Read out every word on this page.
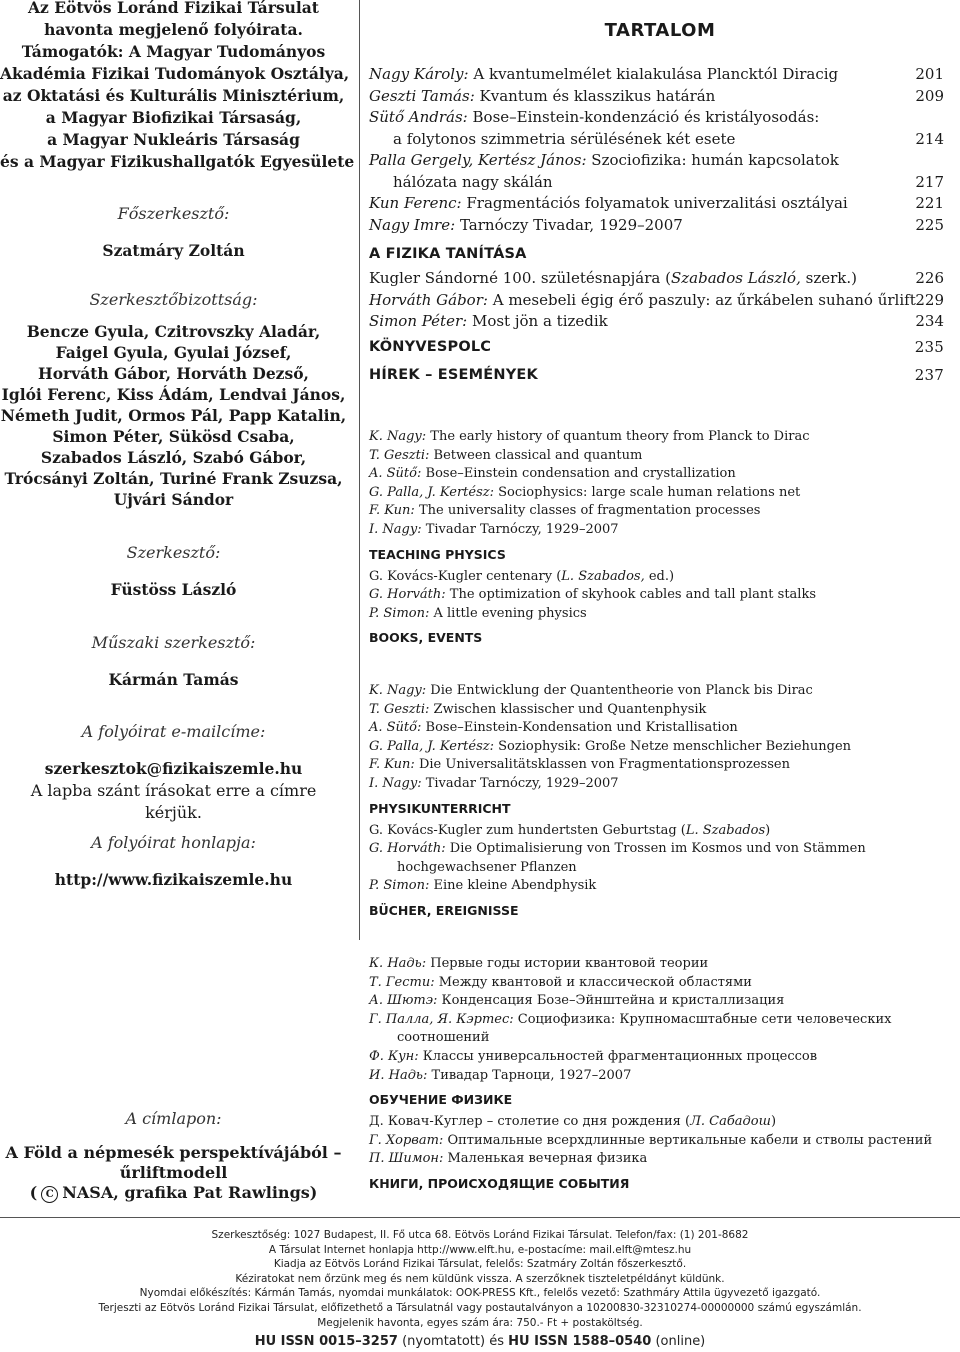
Az Eötvös Loránd Fizikai Társulat
havonta megjelenő folyóirata.
Támogatók: A Magyar Tudományos
Akadémia Fizikai Tudományok Osztálya,
az Oktatási és Kulturális Minisztérium,
a Magyar Biofizikai Társaság,
a Magyar Nukleáris Társaság
és a Magyar Fizikushallgatók Egyesülete
Főszerkesztő:
Szatmáry Zoltán
Szerkesztőbizottság:
Bencze Gyula, Czitrovszky Aladár,
Faigel Gyula, Gyulai József,
Horváth Gábor, Horváth Dezső,
Iglói Ferenc, Kiss Ádám, Lendvai János,
Németh Judit, Ormos Pál, Papp Katalin,
Simon Péter, Sükösd Csaba,
Szabados László, Szabó Gábor,
Trócsányi Zoltán, Turiné Frank Zsuzsa,
Ujvári Sándor
Szerkesztő:
Füstöss László
Műszaki szerkesztő:
Kármán Tamás
A folyóirat e-mailcíme:
szerkesztok@fizikaiszemle.hu
A lapba szánt írásokat erre a címre kérjük.
A folyóirat honlapja:
http://www.fizikaiszemle.hu
A címlapon:
A Föld a népmesék perspektívájából –
űrliftmodell
( C NASA, grafika Pat Rawlings)
TARTALOM
Nagy Károly: A kvantumelmélet kialakulása Plancktól Diracig	201
Geszti Tamás: Kvantum és klasszikus határán	209
Sütő András: Bose–Einstein-kondenzáció és kristályosodás:
a folytonos szimmetria sérülésének két esete	214
Palla Gergely, Kertész János: Szociofizika: humán kapcsolatok
hálózata nagy skálán	217
Kun Ferenc: Fragmentációs folyamatok univerzalitási osztályai	221
Nagy Imre: Tarnóczy Tivadar, 1929–2007	225
A FIZIKA TANÍTÁSA
Kugler Sándorné 100. születésnapjára (Szabados László, szerk.)	226
Horváth Gábor: A mesebeli égig érő paszuly: az űrkábelen suhanó űrlift 229
Simon Péter: Most jön a tizedik	234
KÖNYVESPOLC	235
HÍREK – ESEMÉNYEK	237
K. Nagy: The early history of quantum theory from Planck to Dirac
T. Geszti: Between classical and quantum
A. Sütő: Bose–Einstein condensation and crystallization
G. Palla, J. Kertész: Sociophysics: large scale human relations net
F. Kun: The universality classes of fragmentation processes
I. Nagy: Tivadar Tarnóczy, 1929–2007
TEACHING PHYSICS
G. Kovács-Kugler centenary (L. Szabados, ed.)
G. Horváth: The optimization of skyhook cables and tall plant stalks
P. Simon: A little evening physics
BOOKS, EVENTS
K. Nagy: Die Entwicklung der Quantentheorie von Planck bis Dirac
T. Geszti: Zwischen klassischer und Quantenphysik
A. Sütő: Bose–Einstein-Kondensation und Kristallisation
G. Palla, J. Kertész: Soziophysik: Große Netze menschlicher Beziehungen
F. Kun: Die Universalitätsklassen von Fragmentationsprozessen
I. Nagy: Tivadar Tarnóczy, 1929–2007
PHYSIKUNTERRICHT
G. Kovács-Kugler zum hundertsten Geburtstag (L. Szabados)
G. Horváth: Die Optimalisierung von Trossen im Kosmos und von Stämmen
hochgewachsener Pflanzen
P. Simon: Eine kleine Abendphysik
BÜCHER, EREIGNISSE
К. Надь: Первые годы истории квантовой теории
Т. Гести: Между квантовой и классической областями
А. Шютэ: Конденсация Бозе–Эйнштейна и кристаллизация
Г. Палла, Я. Кэртес: Социофизика: Крупномасштабные сети человеческих
соотношений
Ф. Кун: Классы универсальностей фрагментационных процессов
И. Надь: Тивадар Тарноци, 1927–2007
ОБУЧЕНИЕ ФИЗИКЕ
Д. Ковач-Куглер – столетие со дня рождения (Л. Сабадош)
Г. Хорват: Оптимальные всерхдлинные вертикальные кабели и стволы растений
П. Шимон: Маленькая вечерная физика
КНИГИ, ПРОИСХОДЯЩИЕ СОБЫТИЯ
Szerkesztőség: 1027 Budapest, II. Fő utca 68. Eötvös Loránd Fizikai Társulat. Telefon/fax: (1) 201-8682
A Társulat Internet honlapja http://www.elft.hu, e-postacíme: mail.elft@mtesz.hu
Kiadja az Eötvös Loránd Fizikai Társulat, felelős: Szatmáry Zoltán főszerkesztő.
Kéziratokat nem őrzünk meg és nem küldünk vissza. A szerzőknek tiszteletpéldányt küldünk.
Nyomdai előkészítés: Kármán Tamás, nyomdai munkálatok: OOK-PRESS Kft., felelős vezető: Szathmáry Attila ügyvezető igazgató.
Terjeszti az Eötvös Loránd Fizikai Társulat, előfizethető a Társulatnál vagy postautalványon a 10200830-32310274-00000000 számú egyszámlán.
Megjelenik havonta, egyes szám ára: 750.- Ft + postaköltség.
HU ISSN 0015–3257 (nyomtatott) és HU ISSN 1588–0540 (online)
